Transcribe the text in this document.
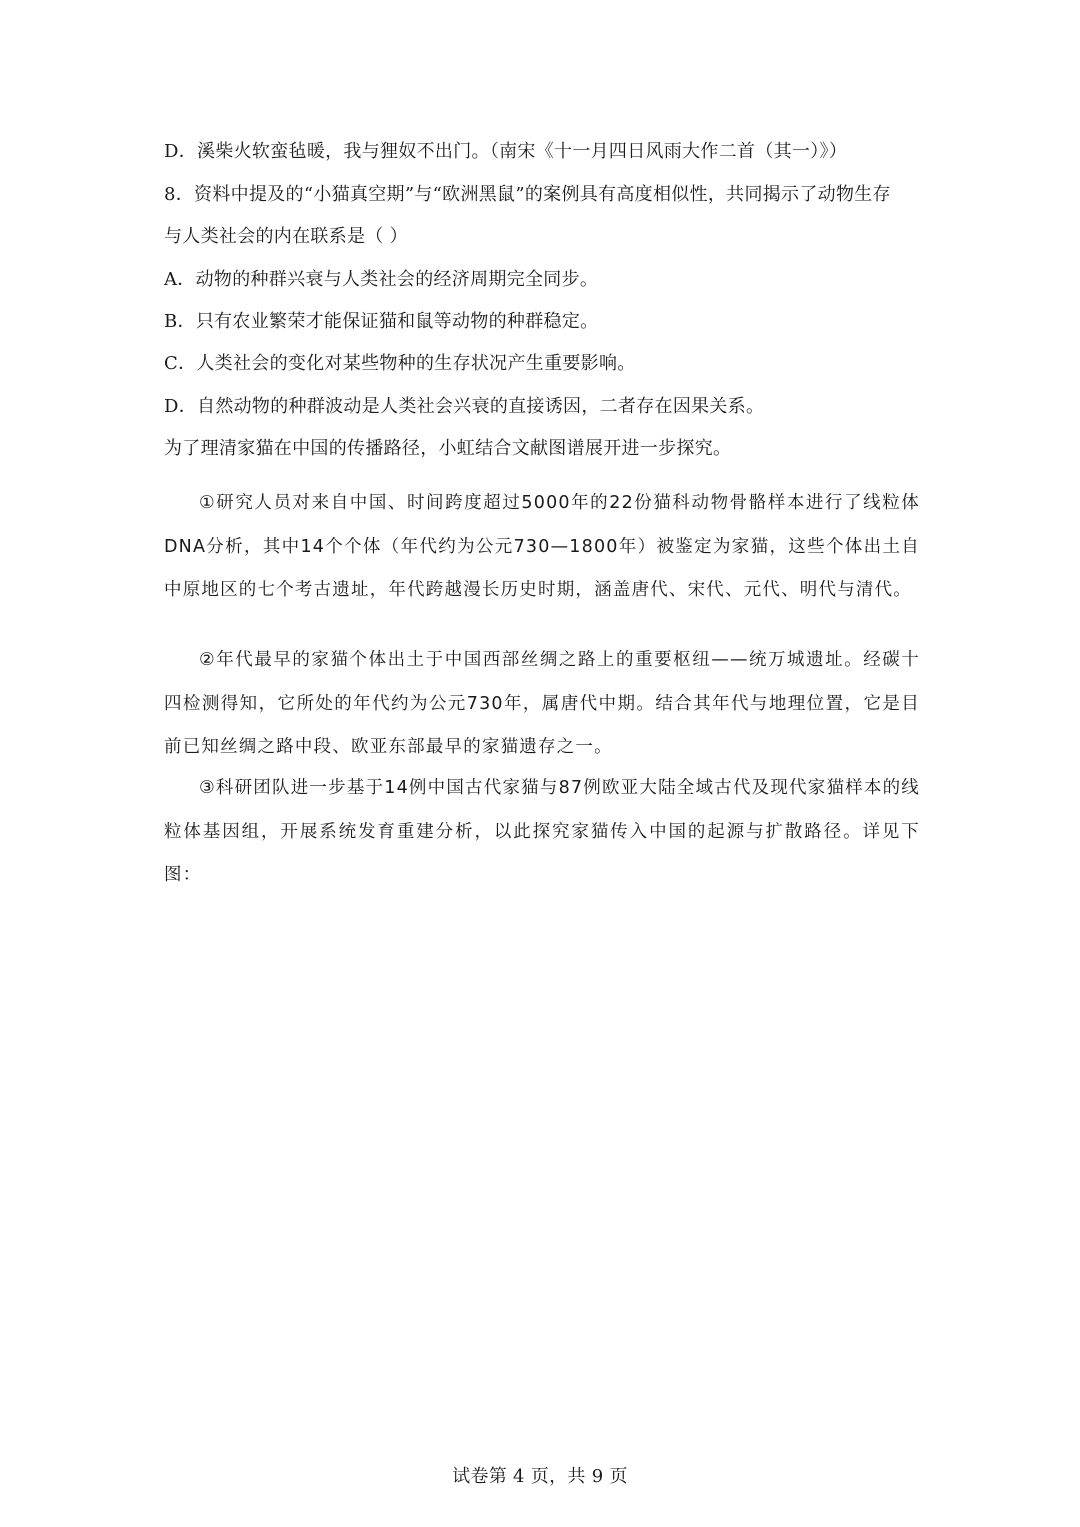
D．溪柴火软蛮毡暖，我与狸奴不出门。（南宋《十一月四日风雨大作二首（其一）》）
8．资料中提及的“小猫真空期”与“欧洲黑鼠”的案例具有高度相似性，共同揭示了动物生存
与人类社会的内在联系是（ ）
A．动物的种群兴衰与人类社会的经济周期完全同步。
B．只有农业繁荣才能保证猫和鼠等动物的种群稳定。
C．人类社会的变化对某些物种的生存状况产生重要影响。
D．自然动物的种群波动是人类社会兴衰的直接诱因，二者存在因果关系。
为了理清家猫在中国的传播路径，小虹结合文献图谱展开进一步探究。
①研究人员对来自中国、时间跨度超过5000年的22份猫科动物骨骼样本进行了线粒体DNA分析，其中14个个体（年代约为公元730—1800年）被鉴定为家猫，这些个体出土自中原地区的七个考古遗址，年代跨越漫长历史时期，涵盖唐代、宋代、元代、明代与清代。
②年代最早的家猫个体出土于中国西部丝绸之路上的重要枢纽——统万城遗址。经碳十四检测得知，它所处的年代约为公元730年，属唐代中期。结合其年代与地理位置，它是目前已知丝绸之路中段、欧亚东部最早的家猫遗存之一。
③科研团队进一步基于14例中国古代家猫与87例欧亚大陆全域古代及现代家猫样本的线粒体基因组，开展系统发育重建分析，以此探究家猫传入中国的起源与扩散路径。详见下图：
试卷第 4 页，共 9 页
